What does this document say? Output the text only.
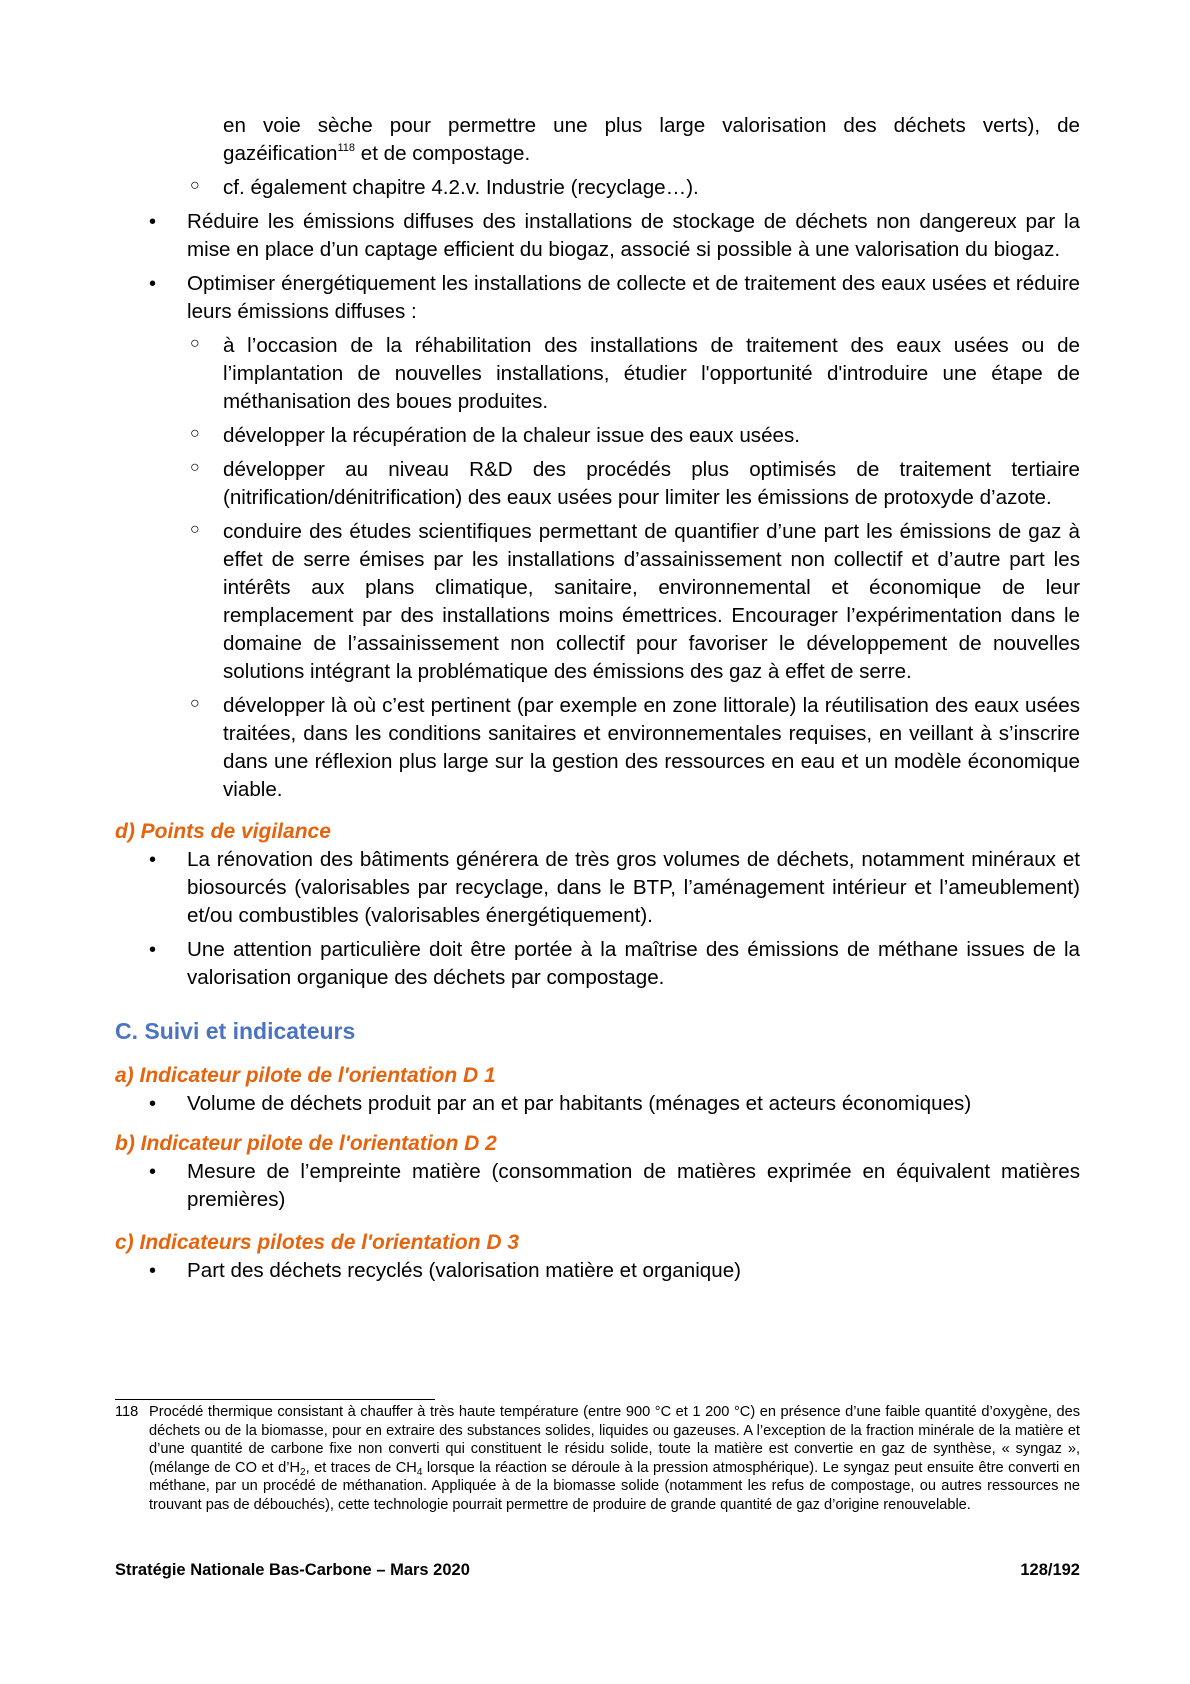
en voie sèche pour permettre une plus large valorisation des déchets verts), de gazéification$^{118}$ et de compostage.
○ cf. également chapitre 4.2.v. Industrie (recyclage…).
• Réduire les émissions diffuses des installations de stockage de déchets non dangereux par la mise en place d’un captage efficient du biogaz, associé si possible à une valorisation du biogaz.
• Optimiser énergétiquement les installations de collecte et de traitement des eaux usées et réduire leurs émissions diffuses :
○ à l’occasion de la réhabilitation des installations de traitement des eaux usées ou de l’implantation de nouvelles installations, étudier l'opportunité d'introduire une étape de méthanisation des boues produites.
○ développer la récupération de la chaleur issue des eaux usées.
○ développer au niveau R&D des procédés plus optimisés de traitement tertiaire (nitrification/dénitrification) des eaux usées pour limiter les émissions de protoxyde d’azote.
○ conduire des études scientifiques permettant de quantifier d’une part les émissions de gaz à effet de serre émises par les installations d’assainissement non collectif et d’autre part les intérêts aux plans climatique, sanitaire, environnemental et économique de leur remplacement par des installations moins émettrices. Encourager l’expérimentation dans le domaine de l’assainissement non collectif pour favoriser le développement de nouvelles solutions intégrant la problématique des émissions des gaz à effet de serre.
○ développer là où c’est pertinent (par exemple en zone littorale) la réutilisation des eaux usées traitées, dans les conditions sanitaires et environnementales requises, en veillant à s’inscrire dans une réflexion plus large sur la gestion des ressources en eau et un modèle économique viable.
d) Points de vigilance
• La rénovation des bâtiments générera de très gros volumes de déchets, notamment minéraux et biosourcés (valorisables par recyclage, dans le BTP, l’aménagement intérieur et l’ameublement) et/ou combustibles (valorisables énergétiquement).
• Une attention particulière doit être portée à la maîtrise des émissions de méthane issues de la valorisation organique des déchets par compostage.
C. Suivi et indicateurs
a) Indicateur pilote de l'orientation D 1
• Volume de déchets produit par an et par habitants (ménages et acteurs économiques)
b) Indicateur pilote de l'orientation D 2
• Mesure de l’empreinte matière (consommation de matières exprimée en équivalent matières premières)
c) Indicateurs pilotes de l'orientation D 3
• Part des déchets recyclés (valorisation matière et organique)
118 Procédé thermique consistant à chauffer à très haute température (entre 900 °C et 1 200 °C) en présence d’une faible quantité d’oxygène, des déchets ou de la biomasse, pour en extraire des substances solides, liquides ou gazeuses. A l’exception de la fraction minérale de la matière et d’une quantité de carbone fixe non converti qui constituent le résidu solide, toute la matière est convertie en gaz de synthèse, « syngaz », (mélange de CO et $d’H_2$, et traces de $CH_4$ lorsque la réaction se déroule à la pression atmosphérique). Le syngaz peut ensuite être converti en méthane, par un procédé de méthanation. Appliquée à de la biomasse solide (notamment les refus de compostage, ou autres ressources ne trouvant pas de débouchés), cette technologie pourrait permettre de produire de grande quantité de gaz d’origine renouvelable.
Stratégie Nationale Bas-Carbone – Mars 2020	128/192
